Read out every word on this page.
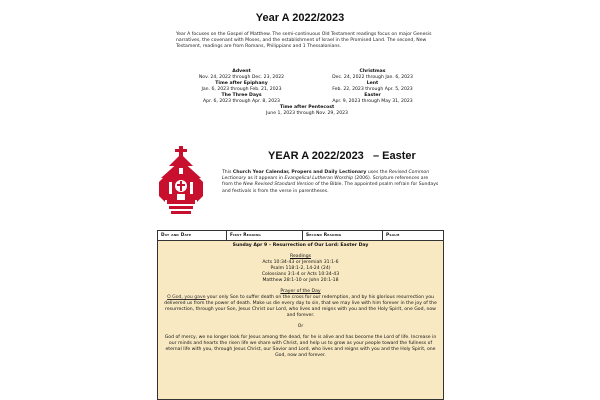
Year A 2022/2023
Year A focuses on the Gospel of Matthew. The semi-continuous Old Testament readings focus on major Genesis narratives, the covenant with Moses, and the establishment of Israel in the Promised Land. The second, New Testament, readings are from Romans, Philippians and 1 Thessalonians.
Advent
Nov. 24, 2022 through Dec. 23, 2022
Christmas
Dec. 24, 2022 through Jan. 6, 2023
Time after Epiphany
Jan. 6, 2023 through Feb. 21, 2023
Lent
Feb. 22, 2023 through Apr. 5, 2023
The Three Days
Apr. 6, 2023 through Apr. 8, 2023
Easter
Apr. 9, 2023 through May 31, 2023
Time after Pentecost
June 1, 2023 through Nov. 29, 2023
YEAR A 2022/2023 – Easter
This Church Year Calendar, Propers and Daily Lectionary uses the Revised Common Lectionary as it appears in Evangelical Lutheran Worship (2006). Scripture references are from the New Revised Standard Version of the Bible. The appointed psalm refrain for Sundays and festivals is from the verse in parentheses.
Day and Date	First Reading	Second Reading	Psalm
Sunday Apr 9 – Resurrection of Our Lord: Easter Day
Readings
Acts 10:34-43 or Jeremiah 31:1-6
Psalm 118:1-2, 14-24 (24)
Colossians 3:1-4 or Acts 10:34-43
Matthew 28:1-10 or John 20:1-18
Prayer of the Day
O God, you gave your only Son to suffer death on the cross for our redemption, and by his glorious resurrection you delivered us from the power of death. Make us die every day to sin, that we may live with him forever in the joy of the resurrection, through your Son, Jesus Christ our Lord, who lives and reigns with you and the Holy Spirit, one God, now and forever.
Or
God of mercy, we no longer look for Jesus among the dead, for he is alive and has become the Lord of life. Increase in our minds and hearts the risen life we share with Christ, and help us to grow as your people toward the fullness of eternal life with you, through Jesus Christ, our Savior and Lord, who lives and reigns with you and the Holy Spirit, one God, now and forever.
